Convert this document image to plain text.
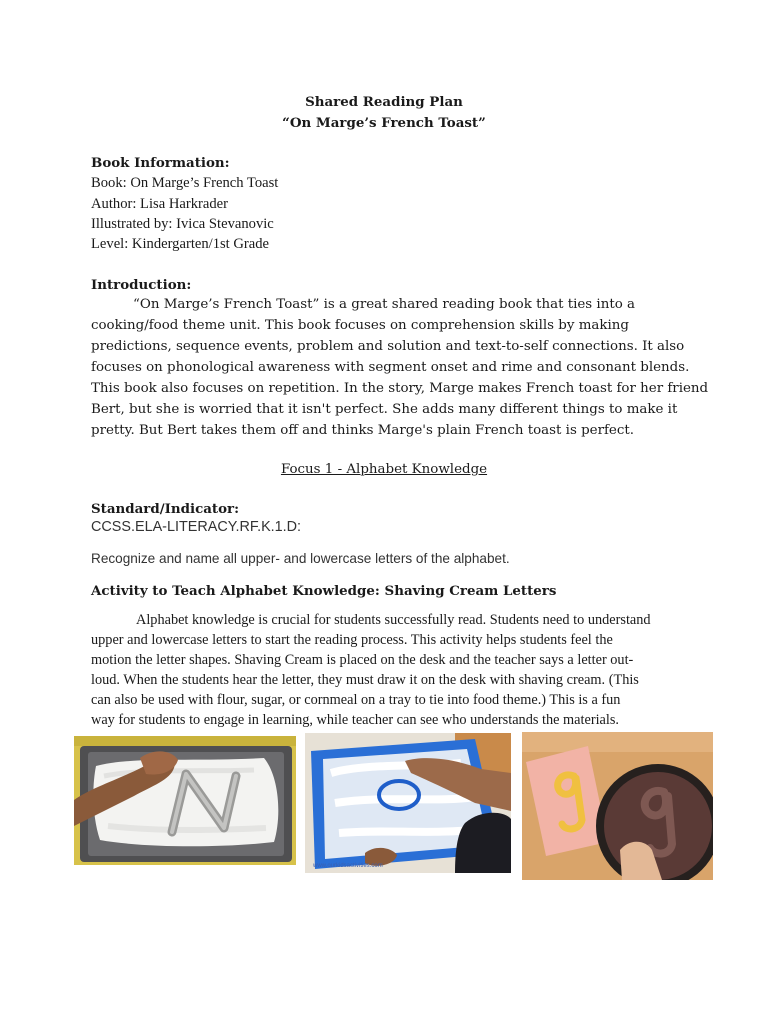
Shared Reading Plan
“On Marge’s French Toast”
Book Information:
Book: On Marge’s French Toast
Author: Lisa Harkrader
Illustrated by: Ivica Stevanovic
Level: Kindergarten/1st Grade
Introduction:
“On Marge’s French Toast” is a great shared reading book that ties into a
cooking/food theme unit. This book focuses on comprehension skills by making
predictions, sequence events, problem and solution and text-to-self connections. It also
focuses on phonological awareness with segment onset and rime and consonant blends.
This book also focuses on repetition. In the story, Marge makes French toast for her friend
Bert, but she is worried that it isn't perfect. She adds many different things to make it
pretty. But Bert takes them off and thinks Marge's plain French toast is perfect.
Focus 1 - Alphabet Knowledge
Standard/Indicator:
CCSS.ELA-LITERACY.RF.K.1.D:
Recognize and name all upper- and lowercase letters of the alphabet.
Activity to Teach Alphabet Knowledge: Shaving Cream Letters
Alphabet knowledge is crucial for students successfully read. Students need to understand
upper and lowercase letters to start the reading process. This activity helps students feel the
motion the letter shapes. Shaving Cream is placed on the desk and the teacher says a letter out-
loud. When the students hear the letter, they must draw it on the desk with shaving cream. (This
can also be used with flour, sugar, or cornmeal on a tray to tie into food theme.) This is a fun
way for students to engage in learning, while teacher can see who understands the materials.
www.ourkidsactivities.com
